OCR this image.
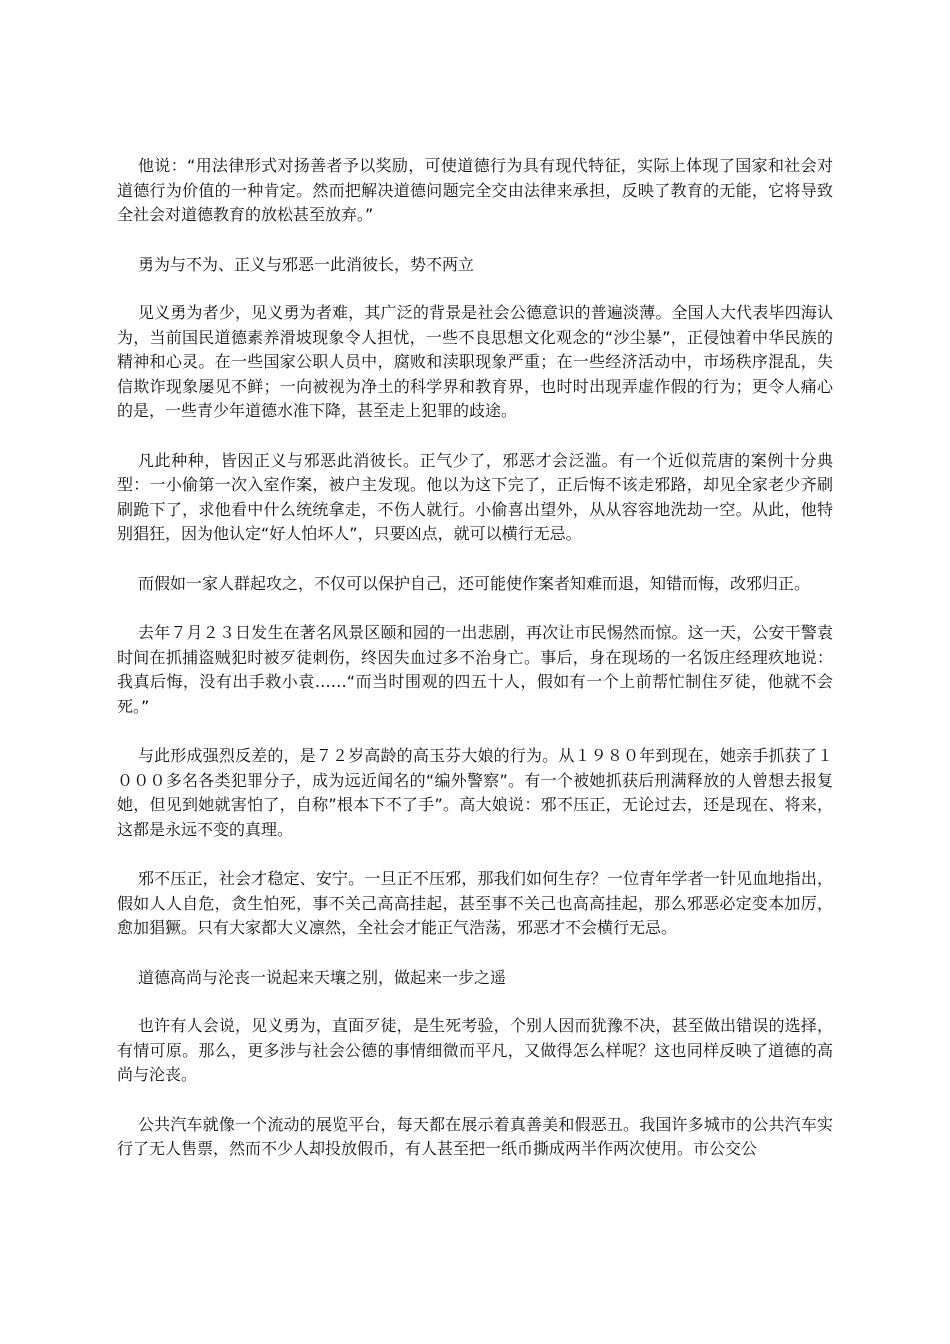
他说：“用法律形式对扬善者予以奖励，可使道德行为具有现代特征，实际上体现了国家和社会对道德行为价值的一种肯定。然而把解决道德问题完全交由法律来承担，反映了教育的无能，它将导致全社会对道德教育的放松甚至放弃。”

勇为与不为、正义与邪恶一此消彼长，势不两立

见义勇为者少，见义勇为者难，其广泛的背景是社会公德意识的普遍淡薄。全国人大代表毕四海认为，当前国民道德素养滑坡现象令人担忧，一些不良思想文化观念的“沙尘暴”，正侵蚀着中华民族的精神和心灵。在一些国家公职人员中，腐败和渎职现象严重；在一些经济活动中，市场秩序混乱，失信欺诈现象屡见不鲜；一向被视为净土的科学界和教育界，也时时出现弄虚作假的行为；更令人痛心的是，一些青少年道德水准下降，甚至走上犯罪的歧途。

凡此种种，皆因正义与邪恶此消彼长。正气少了，邪恶才会泛滥。有一个近似荒唐的案例十分典型：一小偷第一次入室作案，被户主发现。他以为这下完了，正后悔不该走邪路，却见全家老少齐刷刷跪下了，求他看中什么统统拿走，不伤人就行。小偷喜出望外，从从容容地洗劫一空。从此，他特别猖狂，因为他认定“好人怕坏人”，只要凶点，就可以横行无忌。

而假如一家人群起攻之，不仅可以保护自己，还可能使作案者知难而退，知错而悔，改邪归正。

去年７月２３日发生在著名风景区颐和园的一出悲剧，再次让市民惕然而惊。这一天，公安干警袁时间在抓捕盗贼犯时被歹徒刺伤，终因失血过多不治身亡。事后，身在现场的一名饭庄经理疚地说：我真后悔，没有出手救小袁……“而当时围观的四五十人，假如有一个上前帮忙制住歹徒，他就不会死。”

与此形成强烈反差的，是７２岁高龄的高玉芬大娘的行为。从１９８０年到现在，她亲手抓获了１０００多名各类犯罪分子，成为远近闻名的“编外警察”。有一个被她抓获后刑满释放的人曾想去报复她，但见到她就害怕了，自称”根本下不了手”。高大娘说：邪不压正，无论过去，还是现在、将来，这都是永远不变的真理。

邪不压正，社会才稳定、安宁。一旦正不压邪，那我们如何生存？一位青年学者一针见血地指出，假如人人自危，贪生怕死，事不关己高高挂起，甚至事不关己也高高挂起，那么邪恶必定变本加厉，愈加猖獗。只有大家都大义凛然，全社会才能正气浩荡，邪恶才不会横行无忌。

道德高尚与沦丧一说起来天壤之别，做起来一步之遥

也许有人会说，见义勇为，直面歹徒，是生死考验，个别人因而犹豫不决，甚至做出错误的选择，有情可原。那么，更多涉与社会公德的事情细微而平凡，又做得怎么样呢？这也同样反映了道德的高尚与沦丧。

公共汽车就像一个流动的展览平台，每天都在展示着真善美和假恶丑。我国许多城市的公共汽车实行了无人售票，然而不少人却投放假币，有人甚至把一纸币撕成两半作两次使用。市公交公
